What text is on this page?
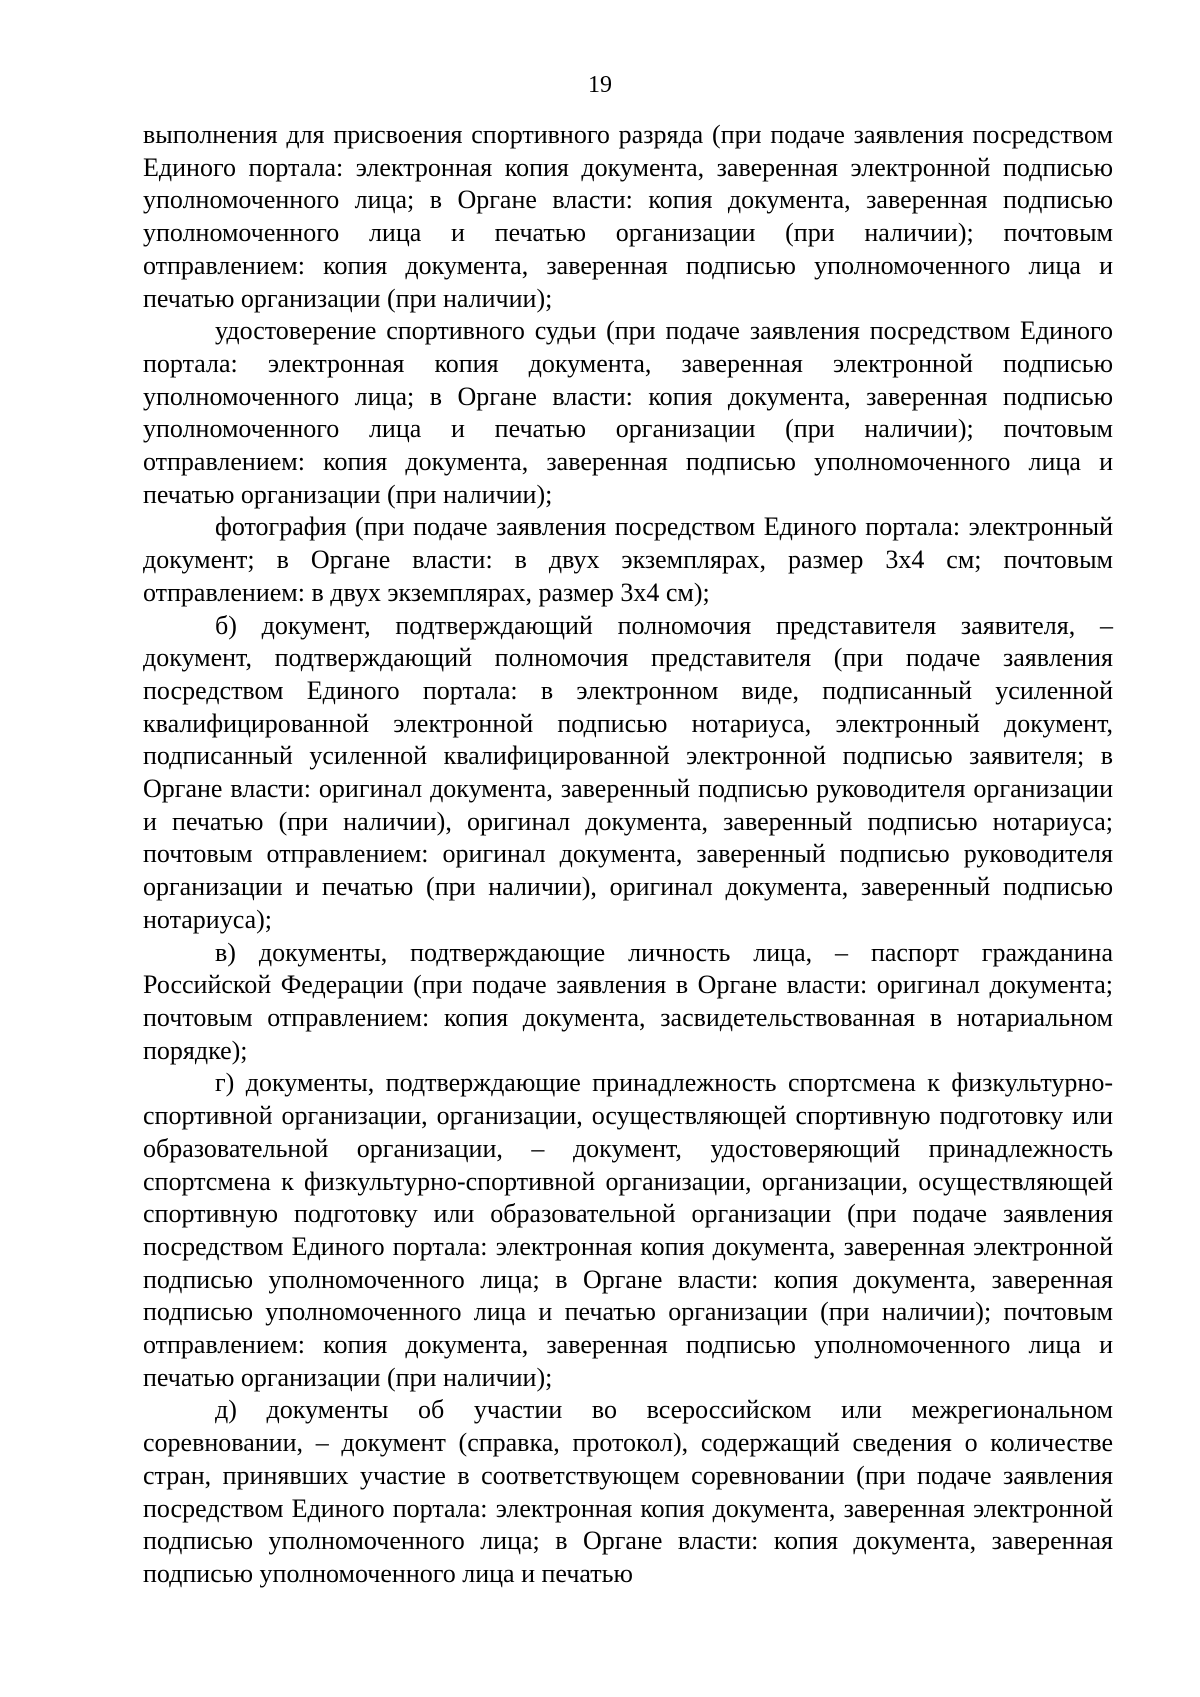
19

выполнения для присвоения спортивного разряда (при подаче заявления посредством Единого портала: электронная копия документа, заверенная электронной подписью уполномоченного лица; в Органе власти: копия документа, заверенная подписью уполномоченного лица и печатью организации (при наличии); почтовым отправлением: копия документа, заверенная подписью уполномоченного лица и печатью организации (при наличии);

удостоверение спортивного судьи (при подаче заявления посредством Единого портала: электронная копия документа, заверенная электронной подписью уполномоченного лица; в Органе власти: копия документа, заверенная подписью уполномоченного лица и печатью организации (при наличии); почтовым отправлением: копия документа, заверенная подписью уполномоченного лица и печатью организации (при наличии);

фотография (при подаче заявления посредством Единого портала: электронный документ; в Органе власти: в двух экземплярах, размер 3х4 см; почтовым отправлением: в двух экземплярах, размер 3х4 см);

б) документ, подтверждающий полномочия представителя заявителя, – документ, подтверждающий полномочия представителя (при подаче заявления посредством Единого портала: в электронном виде, подписанный усиленной квалифицированной электронной подписью нотариуса, электронный документ, подписанный усиленной квалифицированной электронной подписью заявителя; в Органе власти: оригинал документа, заверенный подписью руководителя организации и печатью (при наличии), оригинал документа, заверенный подписью нотариуса; почтовым отправлением: оригинал документа, заверенный подписью руководителя организации и печатью (при наличии), оригинал документа, заверенный подписью нотариуса);

в) документы, подтверждающие личность лица, – паспорт гражданина Российской Федерации (при подаче заявления в Органе власти: оригинал документа; почтовым отправлением: копия документа, засвидетельствованная в нотариальном порядке);

г) документы, подтверждающие принадлежность спортсмена к физкультурно-спортивной организации, организации, осуществляющей спортивную подготовку или образовательной организации, – документ, удостоверяющий принадлежность спортсмена к физкультурно-спортивной организации, организации, осуществляющей спортивную подготовку или образовательной организации (при подаче заявления посредством Единого портала: электронная копия документа, заверенная электронной подписью уполномоченного лица; в Органе власти: копия документа, заверенная подписью уполномоченного лица и печатью организации (при наличии); почтовым отправлением: копия документа, заверенная подписью уполномоченного лица и печатью организации (при наличии);

д) документы об участии во всероссийском или межрегиональном соревновании, – документ (справка, протокол), содержащий сведения о количестве стран, принявших участие в соответствующем соревновании (при подаче заявления посредством Единого портала: электронная копия документа, заверенная электронной подписью уполномоченного лица; в Органе власти: копия документа, заверенная подписью уполномоченного лица и печатью
